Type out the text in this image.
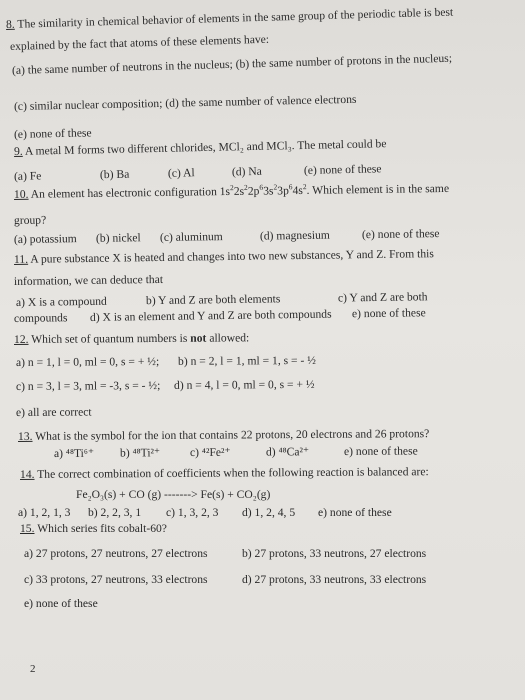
8. The similarity in chemical behavior of elements in the same group of the periodic table is best
explained by the fact that atoms of these elements have:
(a) the same number of neutrons in the nucleus; (b) the same number of protons in the nucleus;
(c) similar nuclear composition; (d) the same number of valence electrons
(e) none of these
9. A metal M forms two different chlorides, MCl₂ and MCl₃. The metal could be
(a) Fe	(b) Ba	(c) Al	(d) Na	(e) none of these
10. An element has electronic configuration $1s^22s^22p^63s^23p^64s^2$. Which element is in the same
group?
(a) potassium (b) nickel (c) aluminum	(d) magnesium	(e) none of these
11. A pure substance X is heated and changes into two new substances, Y and Z. From this
information, we can deduce that
a) X is a compound	b) Y and Z are both elements	c) Y and Z are both
compounds d) X is an element and Y and Z are both compounds e) none of these
12. Which set of quantum numbers is not allowed:
a) n = 1, l = 0, ml = 0, s = + ½; b) n = 2, l = 1, ml = 1, s = - ½
c) n = 3, l = 3, ml = -3, s = - ½; d) n = 4, l = 0, ml = 0, s = + ½
e) all are correct
13. What is the symbol for the ion that contains 22 protons, 20 electrons and 26 protons?
a) ⁴⁸Ti⁶⁺ b) ⁴⁸Ti²⁺	c) ⁴²Fe²⁺	d) ⁴⁸Ca²⁺	e) none of these
14. The correct combination of coefficients when the following reaction is balanced are:
Fe₂O₃(s) + CO (g) -------> Fe(s) + CO₂(g)
a) 1, 2, 1, 3 b) 2, 2, 3, 1 c) 1, 3, 2, 3 d) 1, 2, 4, 5 e) none of these
15. Which series fits cobalt-60?
a) 27 protons, 27 neutrons, 27 electrons	b) 27 protons, 33 neutrons, 27 electrons
c) 33 protons, 27 neutrons, 33 electrons	d) 27 protons, 33 neutrons, 33 electrons
e) none of these
2
